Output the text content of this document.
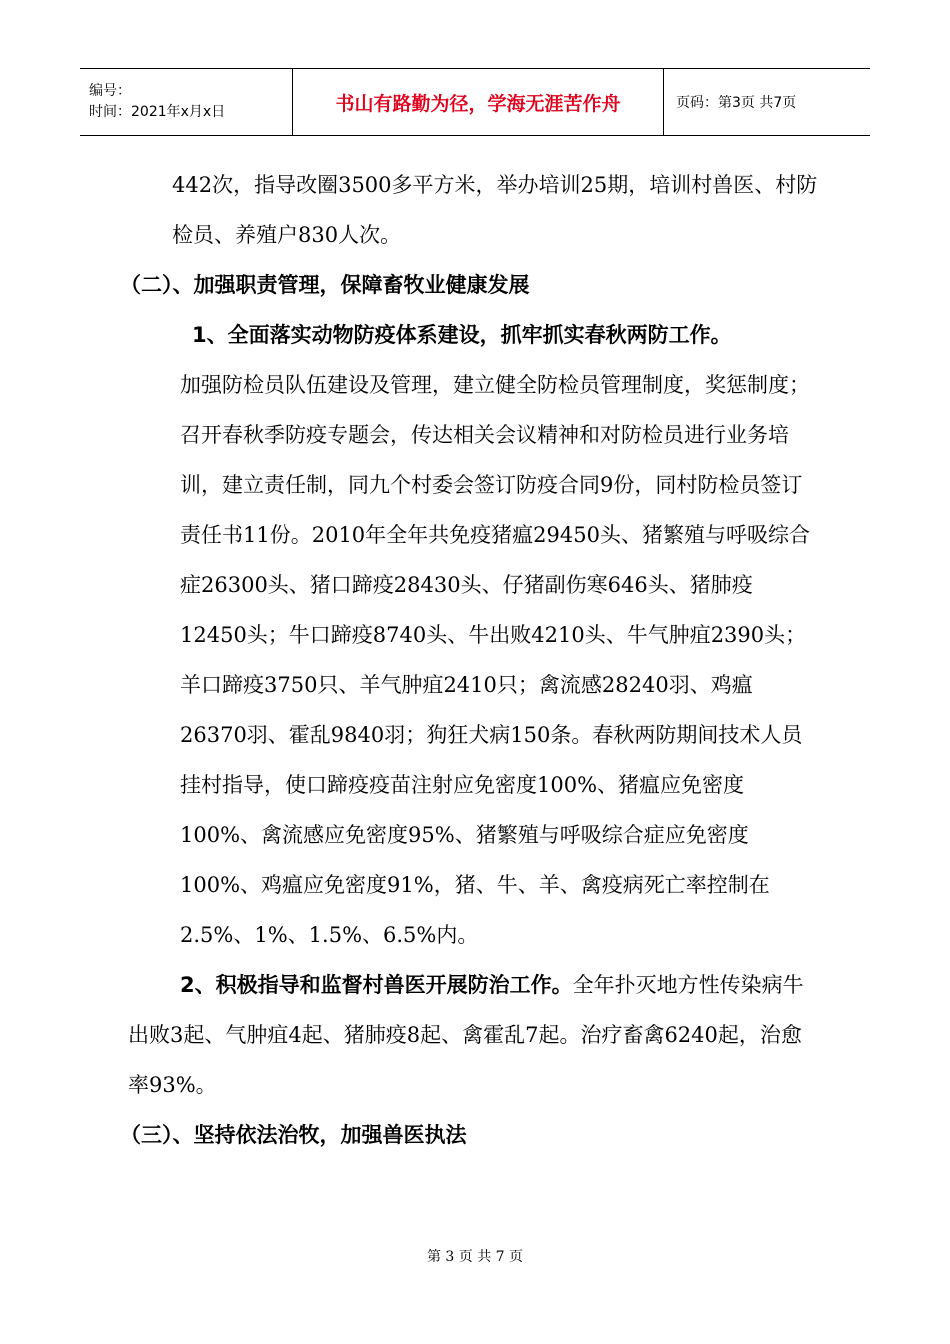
编号：
时间：2021年x月x日	书山有路勤为径，学海无涯苦作舟	页码：第3页 共7页

442次，指导改圈3500多平方米，举办培训25期，培训村兽医、村防检员、养殖户830人次。

（二）、加强职责管理，保障畜牧业健康发展

1、全面落实动物防疫体系建设，抓牢抓实春秋两防工作。

加强防检员队伍建设及管理，建立健全防检员管理制度，奖惩制度；召开春秋季防疫专题会，传达相关会议精神和对防检员进行业务培训，建立责任制，同九个村委会签订防疫合同9份，同村防检员签订责任书11份。2010年全年共免疫猪瘟29450头、猪繁殖与呼吸综合症26300头、猪口蹄疫28430头、仔猪副伤寒646头、猪肺疫12450头；牛口蹄疫8740头、牛出败4210头、牛气肿疽2390头；羊口蹄疫3750只、羊气肿疽2410只；禽流感28240羽、鸡瘟26370羽、霍乱9840羽；狗狂犬病150条。春秋两防期间技术人员挂村指导，使口蹄疫疫苗注射应免密度100%、猪瘟应免密度100%、禽流感应免密度95%、猪繁殖与呼吸综合症应免密度100%、鸡瘟应免密度91%，猪、牛、羊、禽疫病死亡率控制在2.5%、1%、1.5%、6.5%内。

2、积极指导和监督村兽医开展防治工作。全年扑灭地方性传染病牛出败3起、气肿疽4起、猪肺疫8起、禽霍乱7起。治疗畜禽6240起，治愈率93%。

（三）、坚持依法治牧，加强兽医执法

第 3 页 共 7 页
